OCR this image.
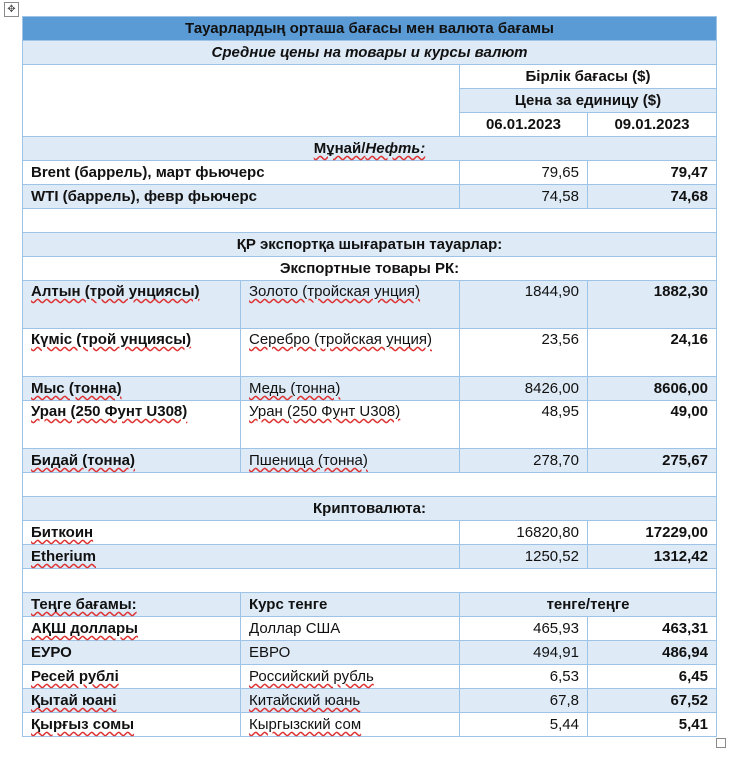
✥
Тауарлардың орташа бағасы мен валюта бағамы			
Средние цены на товары и курсы валют			
		Бірлік бағасы ($)	
		Цена за единицу ($)	
		06.01.2023	09.01.2023
Мұнай/Нефть:			
Brent (баррель), март фьючерс		79,65	79,47
WTI (баррель), февр фьючерс		74,58	74,68

ҚР экспортқа шығаратын тауарлар:			
Экспортные товары РК:			
Алтын (трой унциясы)	Золото (тройская унция)	1844,90	1882,30
Күміс (трой унциясы)	Серебро (тройская унция)	23,56	24,16
Мыс (тонна)	Медь (тонна)	8426,00	8606,00
Уран (250 Фунт U308)	Уран (250 Фунт U308)	48,95	49,00
Бидай (тонна)	Пшеница (тонна)	278,70	275,67

Криптовалюта:			
Биткоин		16820,80	17229,00
Etherium		1250,52	1312,42

Теңге бағамы:	Курс тенге	тенге/теңге	
АҚШ доллары	Доллар США	465,93	463,31
ЕУРО	ЕВРО	494,91	486,94
Ресей рублі	Российский рубль	6,53	6,45
Қытай юані	Китайский юань	67,8	67,52
Қырғыз сомы	Кыргызский сом	5,44	5,41
